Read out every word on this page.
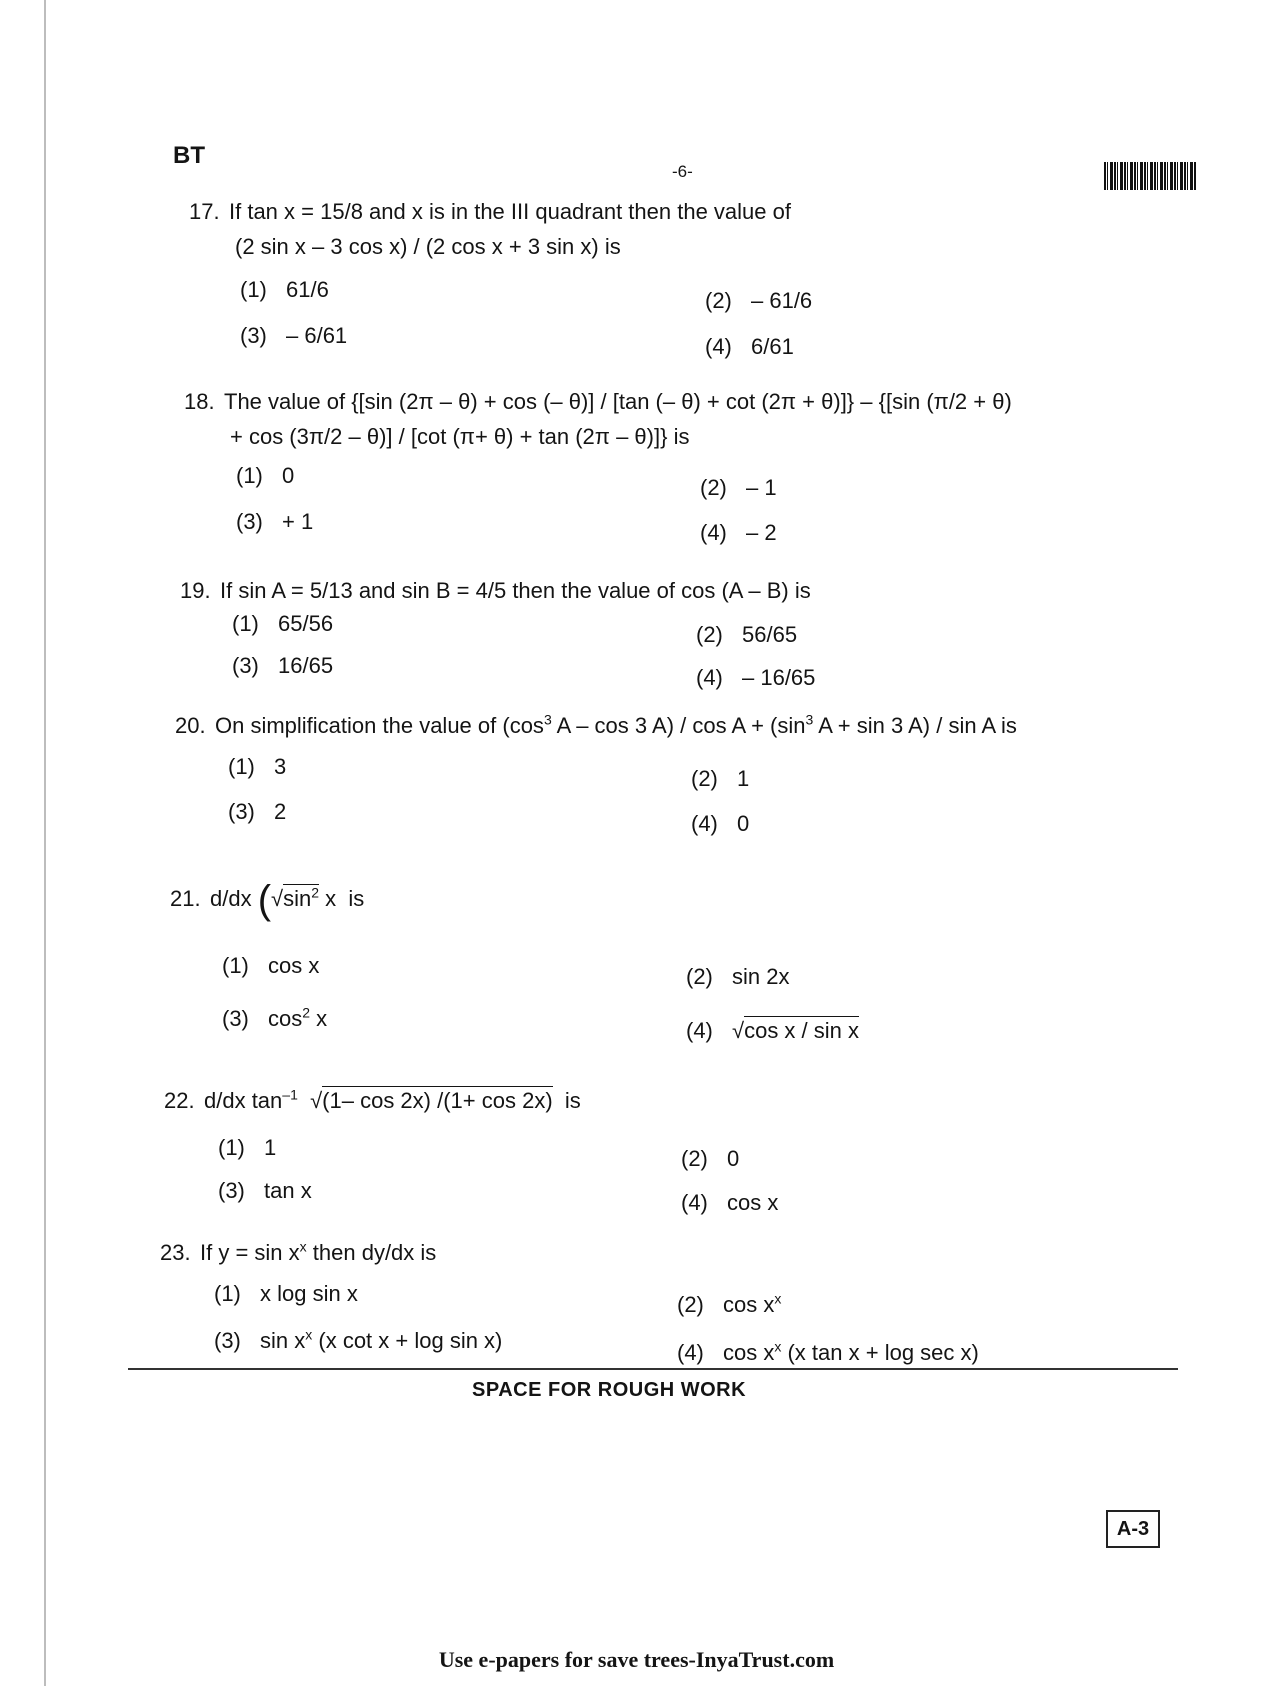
BT
-6-
17. If tan x = 15/8 and x is in the III quadrant then the value of
(2 sin x – 3 cos x) / (2 cos x + 3 sin x) is
(1) 61/6	(2) – 61/6
(3) – 6/61	(4) 6/61
18. The value of {[sin (2π – θ) + cos (– θ)] / [tan (– θ) + cot (2π + θ)]} – {[sin (π/2 + θ)
+ cos (3π/2 – θ)] / [cot (π+ θ) + tan (2π – θ)]} is
(1) 0	(2) – 1
(3) + 1	(4) – 2
19. If sin A = 5/13 and sin B = 4/5 then the value of cos (A – B) is
(1) 65/56	(2) 56/65
(3) 16/65	(4) – 16/65
20. On simplification the value of ($\cos^3$ A – cos 3 $A) / \cos A + (\sin^3$ A + sin 3 A) / sin A is
(1) 3	(2) 1
(3) 2	(4) 0
21. d/dx ($√\sin^2$ x is
(1) cos x	(2) sin 2x
(3) $\cos^2 x$	(4) √cos x / sin x
22. d/dx $\tan^{-1} √(1-$ cos 2x) /(1+ cos 2x) is
(1) 1	(2) 0
(3) tan x	(4) cos x
23. If $y = \sin x^x$ then dy/dx is
(1) x log sin x	(2) $\cos x^x$
(3) $\sin x^x$ (x cot x + log sin x)	(4) $\cos x^x$ (x tan x + log sec x)
SPACE FOR ROUGH WORK
A-3
Use e-papers for save trees-InyaTrust.com
